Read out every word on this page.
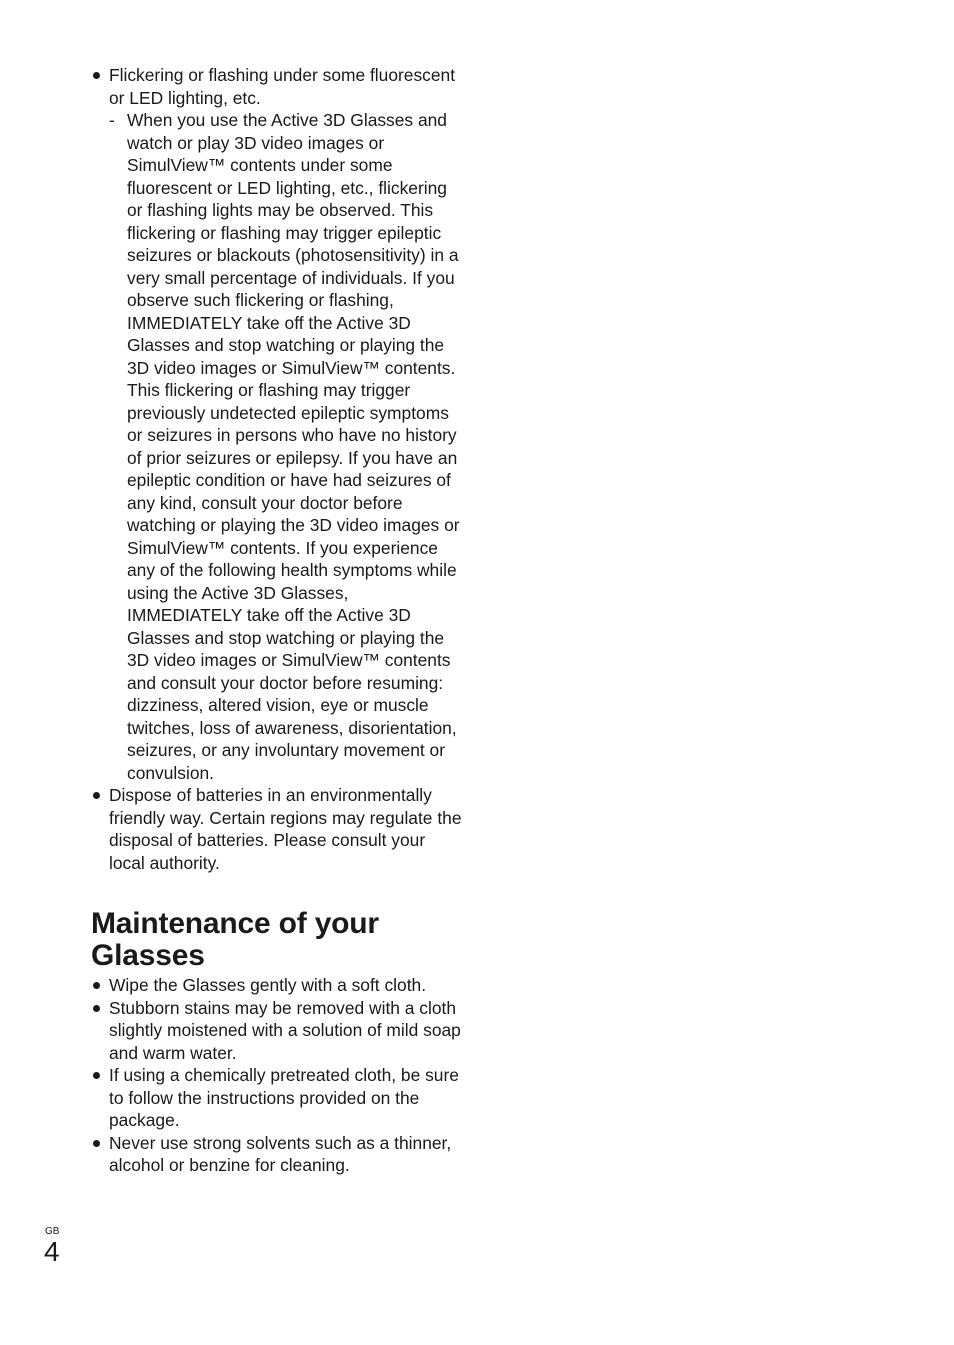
Flickering or flashing under some fluorescent or LED lighting, etc.
- When you use the Active 3D Glasses and watch or play 3D video images or SimulView™ contents under some fluorescent or LED lighting, etc., flickering or flashing lights may be observed. This flickering or flashing may trigger epileptic seizures or blackouts (photosensitivity) in a very small percentage of individuals. If you observe such flickering or flashing, IMMEDIATELY take off the Active 3D Glasses and stop watching or playing the 3D video images or SimulView™ contents. This flickering or flashing may trigger previously undetected epileptic symptoms or seizures in persons who have no history of prior seizures or epilepsy. If you have an epileptic condition or have had seizures of any kind, consult your doctor before watching or playing the 3D video images or SimulView™ contents. If you experience any of the following health symptoms while using the Active 3D Glasses, IMMEDIATELY take off the Active 3D Glasses and stop watching or playing the 3D video images or SimulView™ contents and consult your doctor before resuming: dizziness, altered vision, eye or muscle twitches, loss of awareness, disorientation, seizures, or any involuntary movement or convulsion.
Dispose of batteries in an environmentally friendly way. Certain regions may regulate the disposal of batteries. Please consult your local authority.
Maintenance of your Glasses
Wipe the Glasses gently with a soft cloth.
Stubborn stains may be removed with a cloth slightly moistened with a solution of mild soap and warm water.
If using a chemically pretreated cloth, be sure to follow the instructions provided on the package.
Never use strong solvents such as a thinner, alcohol or benzine for cleaning.
GB
4
